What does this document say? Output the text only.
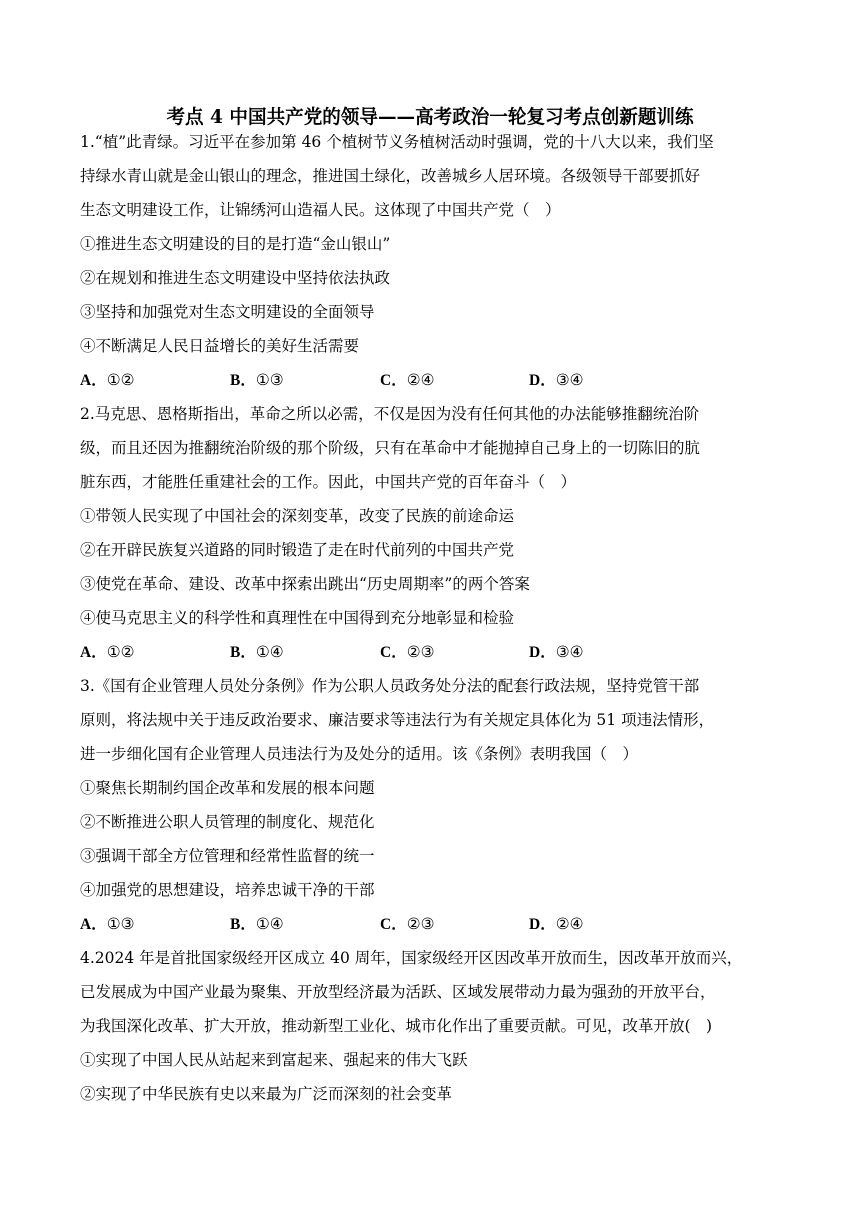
考点 4 中国共产党的领导——高考政治一轮复习考点创新题训练
1.“植”此青绿。习近平在参加第 46 个植树节义务植树活动时强调，党的十八大以来，我们坚
持绿水青山就是金山银山的理念，推进国土绿化，改善城乡人居环境。各级领导干部要抓好
生态文明建设工作，让锦绣河山造福人民。这体现了中国共产党（　）
①推进生态文明建设的目的是打造“金山银山”
②在规划和推进生态文明建设中坚持依法执政
③坚持和加强党对生态文明建设的全面领导
④不断满足人民日益增长的美好生活需要
A．①②	B．①③	C．②④	D．③④
2.马克思、恩格斯指出，革命之所以必需，不仅是因为没有任何其他的办法能够推翻统治阶
级，而且还因为推翻统治阶级的那个阶级，只有在革命中才能抛掉自己身上的一切陈旧的肮
脏东西，才能胜任重建社会的工作。因此，中国共产党的百年奋斗（　）
①带领人民实现了中国社会的深刻变革，改变了民族的前途命运
②在开辟民族复兴道路的同时锻造了走在时代前列的中国共产党
③使党在革命、建设、改革中探索出跳出“历史周期率”的两个答案
④使马克思主义的科学性和真理性在中国得到充分地彰显和检验
A．①②	B．①④	C．②③	D．③④
3.《国有企业管理人员处分条例》作为公职人员政务处分法的配套行政法规，坚持党管干部
原则，将法规中关于违反政治要求、廉洁要求等违法行为有关规定具体化为 51 项违法情形，
进一步细化国有企业管理人员违法行为及处分的适用。该《条例》表明我国（　）
①聚焦长期制约国企改革和发展的根本问题
②不断推进公职人员管理的制度化、规范化
③强调干部全方位管理和经常性监督的统一
④加强党的思想建设，培养忠诚干净的干部
A．①③	B．①④	C．②③	D．②④
4.2024 年是首批国家级经开区成立 40 周年，国家级经开区因改革开放而生，因改革开放而兴，
已发展成为中国产业最为聚集、开放型经济最为活跃、区域发展带动力最为强劲的开放平台，
为我国深化改革、扩大开放，推动新型工业化、城市化作出了重要贡献。可见，改革开放(　)
①实现了中国人民从站起来到富起来、强起来的伟大飞跃
②实现了中华民族有史以来最为广泛而深刻的社会变革
